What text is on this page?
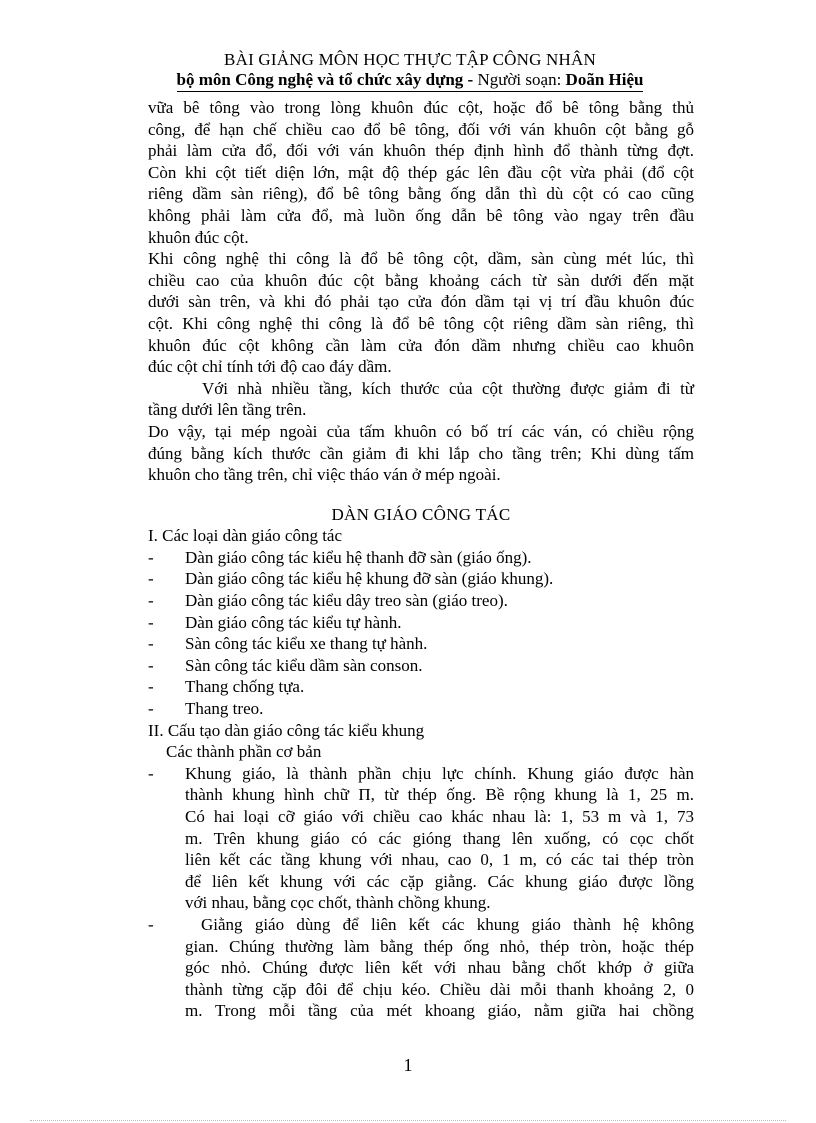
BÀI GIẢNG MÔN HỌC THỰC TẬP CÔNG NHÂN
bộ môn Công nghệ và tổ chức xây dựng - Người soạn: Doãn Hiệu
vữa bê tông vào trong lòng khuôn đúc cột, hoặc đổ bê tông bằng thủ
công, để hạn chế chiều cao đổ bê tông, đối với ván khuôn cột bằng gỗ
phải làm cửa đổ, đối với ván khuôn thép định hình đổ thành từng đợt.
Còn khi cột tiết diện lớn, mật độ thép gác lên đầu cột vừa phải (đổ cột
riêng dầm sàn riêng), đổ bê tông bằng ống dẫn thì dù cột có cao cũng
không phải làm cửa đổ, mà luồn ống dẫn bê tông vào ngay trên đầu
khuôn đúc cột.
Khi công nghệ thi công là đổ bê tông cột, dầm, sàn cùng mét lúc, thì
chiều cao của khuôn đúc cột bằng khoảng cách từ sàn dưới đến mặt
dưới sàn trên, và khi đó phải tạo cửa đón dầm tại vị trí đầu khuôn đúc
cột. Khi công nghệ thi công là đổ bê tông cột riêng dầm sàn riêng, thì
khuôn đúc cột không cần làm cửa đón dầm nhưng chiều cao khuôn
đúc cột chỉ tính tới độ cao đáy dầm.
Với nhà nhiều tầng, kích thước của cột thường được giảm đi từ
tầng dưới lên tầng trên.
Do vậy, tại mép ngoài của tấm khuôn có bố trí các ván, có chiều rộng
đúng bằng kích thước cần giảm đi khi lắp cho tầng trên; Khi dùng tấm
khuôn cho tầng trên, chỉ việc tháo ván ở mép ngoài.
DÀN GIÁO CÔNG TÁC
I. Các loại dàn giáo công tác
- Dàn giáo công tác kiểu hệ thanh đỡ sàn (giáo ống).
- Dàn giáo công tác kiểu hệ khung đỡ sàn (giáo khung).
- Dàn giáo công tác kiểu dây treo sàn (giáo treo).
- Dàn giáo công tác kiểu tự hành.
- Sàn công tác kiểu xe thang tự hành.
- Sàn công tác kiểu dầm sàn conson.
- Thang chống tựa.
- Thang treo.
II. Cấu tạo dàn giáo công tác kiểu khung
Các thành phần cơ bản
- Khung giáo, là thành phần chịu lực chính. Khung giáo được hàn
thành khung hình chữ Π, từ thép ống. Bề rộng khung là 1, 25 m.
Có hai loại cỡ giáo với chiều cao khác nhau là: 1, 53 m và 1, 73
m. Trên khung giáo có các gióng thang lên xuống, có cọc chốt
liên kết các tầng khung với nhau, cao 0, 1 m, có các tai thép tròn
để liên kết khung với các cặp giằng. Các khung giáo được lồng
với nhau, bằng cọc chốt, thành chồng khung.
-	Giằng giáo dùng để liên kết các khung giáo thành hệ không
gian. Chúng thường làm bằng thép ống nhỏ, thép tròn, hoặc thép
góc nhỏ. Chúng được liên kết với nhau bằng chốt khớp ở giữa
thành từng cặp đôi để chịu kéo. Chiều dài mỗi thanh khoảng 2, 0
m. Trong mỗi tầng của mét khoang giáo, nằm giữa hai chồng
1
